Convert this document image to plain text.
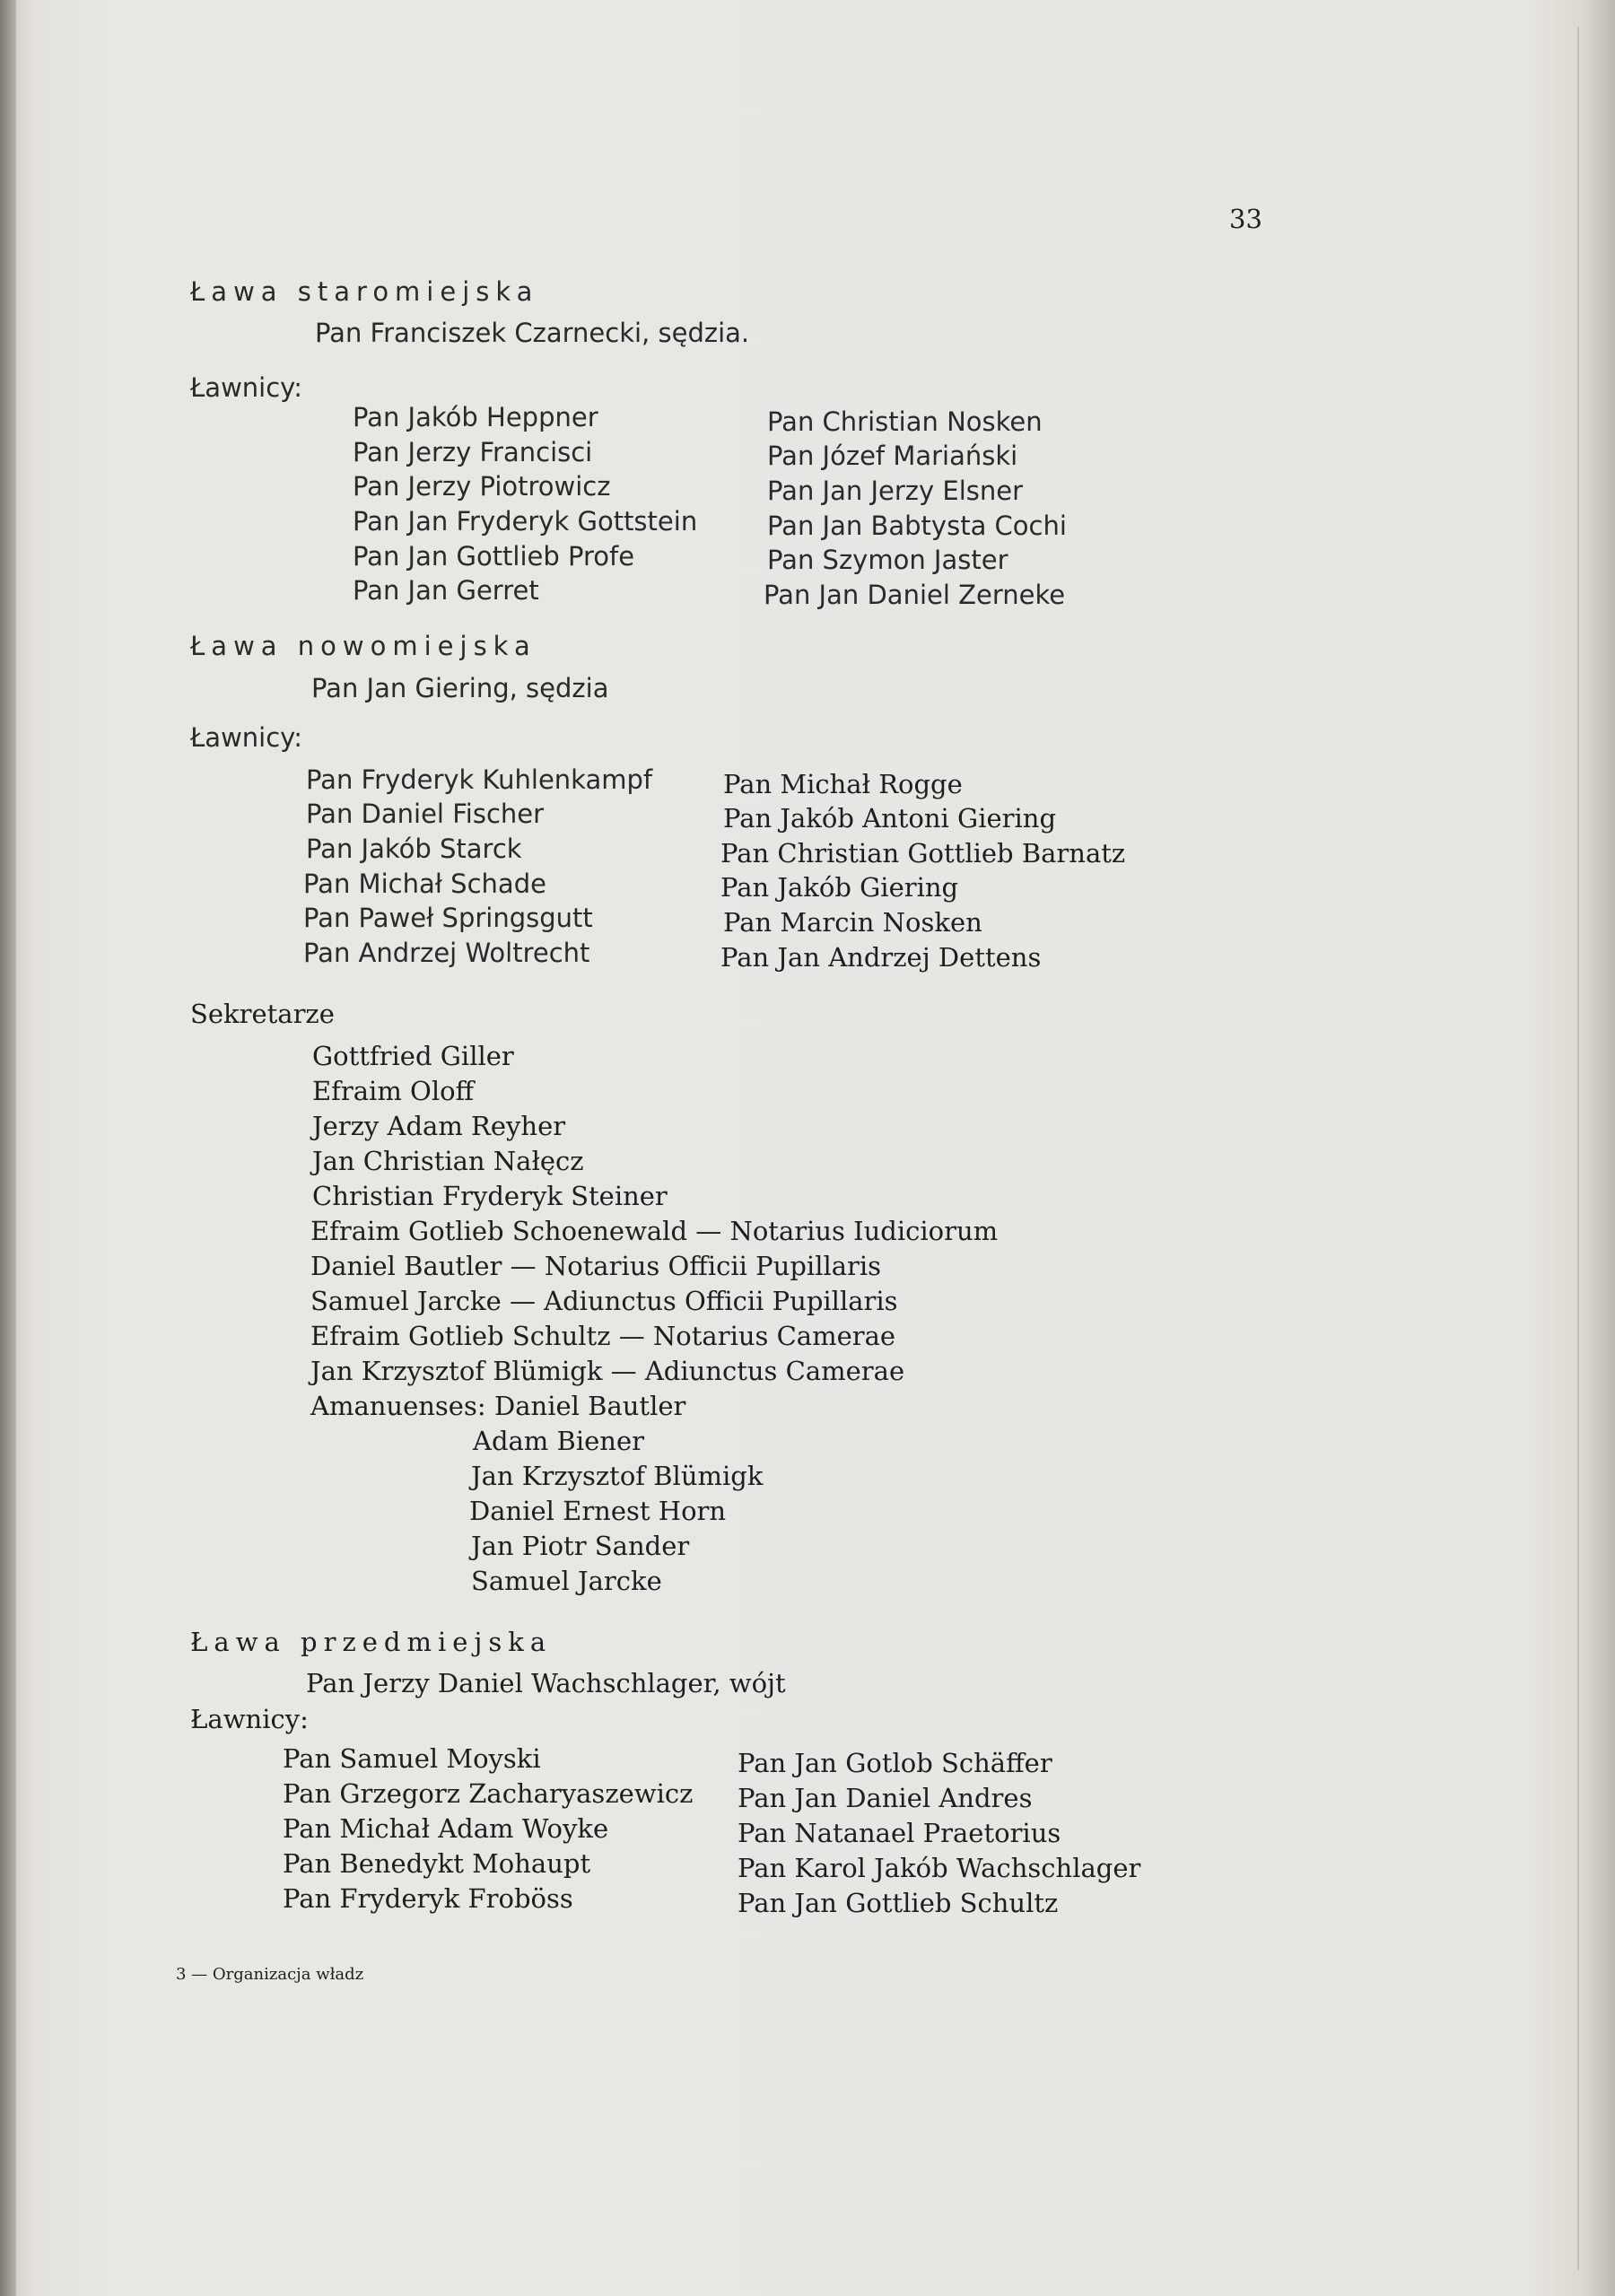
33
Ława staromiejska
Pan Franciszek Czarnecki, sędzia.
Ławnicy:
Pan Jakób Heppner
Pan Jerzy Francisci
Pan Jerzy Piotrowicz
Pan Jan Fryderyk Gottstein
Pan Jan Gottlieb Profe
Pan Jan Gerret
Pan Christian Nosken
Pan Józef Mariański
Pan Jan Jerzy Elsner
Pan Jan Babtysta Cochi
Pan Szymon Jaster
Pan Jan Daniel Zerneke
Ława nowomiejska
Pan Jan Giering, sędzia
Ławnicy:
Pan Fryderyk Kuhlenkampf
Pan Daniel Fischer
Pan Jakób Starck
Pan Michał Schade
Pan Paweł Springsgutt
Pan Andrzej Woltrecht
Pan Michał Rogge
Pan Jakób Antoni Giering
Pan Christian Gottlieb Barnatz
Pan Jakób Giering
Pan Marcin Nosken
Pan Jan Andrzej Dettens
Sekretarze
Gottfried Giller
Efraim Oloff
Jerzy Adam Reyher
Jan Christian Nałęcz
Christian Fryderyk Steiner
Efraim Gotlieb Schoenewald — Notarius Iudiciorum
Daniel Bautler — Notarius Officii Pupillaris
Samuel Jarcke — Adiunctus Officii Pupillaris
Efraim Gotlieb Schultz — Notarius Camerae
Jan Krzysztof Blümigk — Adiunctus Camerae
Amanuenses: Daniel Bautler
Adam Biener
Jan Krzysztof Blümigk
Daniel Ernest Horn
Jan Piotr Sander
Samuel Jarcke
Ława przedmiejska
Pan Jerzy Daniel Wachschlager, wójt
Ławnicy:
Pan Samuel Moyski
Pan Grzegorz Zacharyaszewicz
Pan Michał Adam Woyke
Pan Benedykt Mohaupt
Pan Fryderyk Froböss
Pan Jan Gotlob Schäffer
Pan Jan Daniel Andres
Pan Natanael Praetorius
Pan Karol Jakób Wachschlager
Pan Jan Gottlieb Schultz
3 — Organizacja władz
